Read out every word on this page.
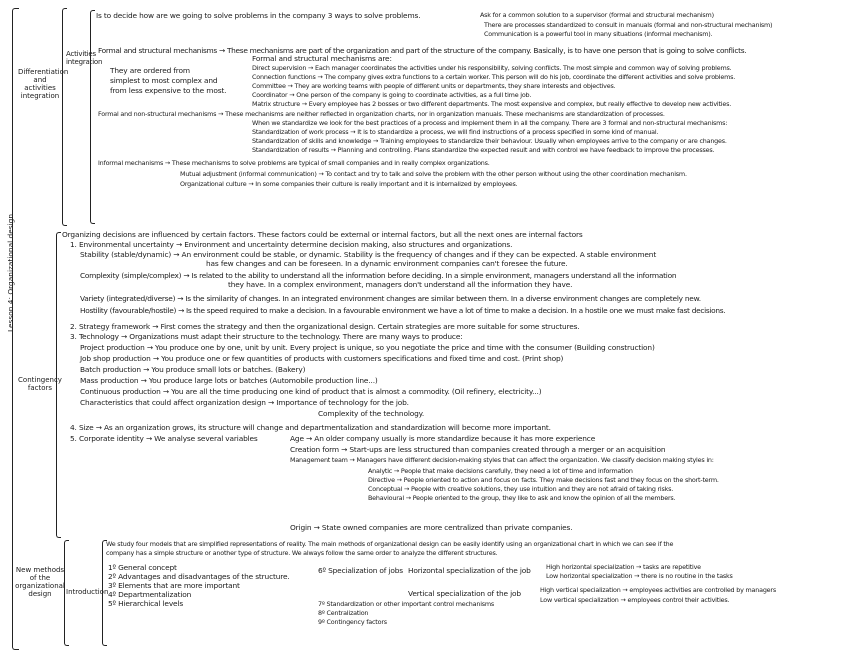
Lesson 4: Organizational design
Differentiation and activities integration
Activities integration
Contingency factors
New methods of the organizational design	Introduction
Is to decide how are we going to solve problems in the company 3 ways to solve problems.	Ask for a common solution to a supervisor (formal and structural mechanism)
There are processes standardized to consult in manuals (formal and non-structural mechanism)
Communication is a powerful tool in many situations (informal mechanism).
Formal and structural mechanisms → These mechanisms are part of the organization and part of the structure of the company. Basically, is to have one person that is going to solve conflicts.
Formal and structural mechanisms are:
They are ordered from	Direct supervision → Each manager coordinates the activities under his responsibility, solving conflicts. The most simple and common way of solving problems.
simplest to most complex and	Connection functions → The company gives extra functions to a certain worker. This person will do his job, coordinate the different activities and solve problems.
from less expensive to the most.	Committee → They are working teams with people of different units or departments, they share interests and objectives.
Coordinator → One person of the company is going to coordinate activities, as a full time job.
Matrix structure → Every employee has 2 bosses or two different departments. The most expensive and complex, but really effective to develop new activities.
Formal and non-structural mechanisms → These mechanisms are neither reflected in organization charts, nor in organization manuals. These mechanisms are standardization of processes.
When we standardize we look for the best practices of a process and implement them in all the company. There are 3 formal and non-structural mechanisms:
Standardization of work process → It is to standardize a process, we will find instructions of a process specified in some kind of manual.
Standardization of skills and knowledge → Training employees to standardize their behaviour. Usually when employees arrive to the company or are changes.
Standardization of results → Planning and controlling. Plans standardize the expected result and with control we have feedback to improve the processes.
Informal mechanisms → These mechanisms to solve problems are typical of small companies and in really complex organizations.
Mutual adjustment (informal communication) → To contact and try to talk and solve the problem with the other person without using the other coordination mechanism.
Organizational culture → In some companies their culture is really important and it is internalized by employees.
Organizing decisions are influenced by certain factors. These factors could be external or internal factors, but all the next ones are internal factors
1. Environmental uncertainty → Environment and uncertainty determine decision making, also structures and organizations.
Stability (stable/dynamic) → An environment could be stable, or dynamic. Stability is the frequency of changes and if they can be expected. A stable environment
has few changes and can be foreseen. In a dynamic environment companies can't foresee the future.
Complexity (simple/complex) → Is related to the ability to understand all the information before deciding. In a simple environment, managers understand all the information
they have. In a complex environment, managers don't understand all the information they have.
Variety (integrated/diverse) → Is the similarity of changes. In an integrated environment changes are similar between them. In a diverse environment changes are completely new.
Hostility (favourable/hostile) → Is the speed required to make a decision. In a favourable environment we have a lot of time to make a decision. In a hostile one we must make fast decisions.
2. Strategy framework → First comes the strategy and then the organizational design. Certain strategies are more suitable for some structures.
3. Technology → Organizations must adapt their structure to the technology. There are many ways to produce:
Project production → You produce one by one, unit by unit. Every project is unique, so you negotiate the price and time with the consumer (Building construction)
Job shop production → You produce one or few quantities of products with customers specifications and fixed time and cost. (Print shop)
Batch production → You produce small lots or batches. (Bakery)
Mass production → You produce large lots or batches (Automobile production line...)
Continuous production → You are all the time producing one kind of product that is almost a commodity. (Oil refinery, electricity...)
Characteristics that could affect organization design → Importance of technology for the job.
Complexity of the technology.
4. Size → As an organization grows, its structure will change and departmentalization and standardization will become more important.
5. Corporate identity → We analyse several variables	Age → An older company usually is more standardize because it has more experience
Creation form → Start-ups are less structured than companies created through a merger or an acquisition
Management team → Managers have different decision-making styles that can affect the organization. We classify decision making styles in:
Analytic → People that make decisions carefully, they need a lot of time and information
Directive → People oriented to action and focus on facts. They make decisions fast and they focus on the short-term.
Conceptual → People with creative solutions, they use intuition and they are not afraid of taking risks.
Behavioural → People oriented to the group, they like to ask and know the opinion of all the members.
Origin → State owned companies are more centralized than private companies.
We study four models that are simplified representations of reality. The main methods of organizational design can be easily identify using an organizational chart in which we can see if the
company has a simple structure or another type of structure. We always follow the same order to analyze the different structures.
1º General concept
2º Advantages and disadvantages of the structure.
3º Elements that are more important
4º Departmentalization
5º Hierarchical levels
6º Specialization of jobs Horizontal specialization of the job High horizontal specialization → tasks are repetitive
Low horizontal specialization → there is no routine in the tasks
Vertical specialization of the job	High vertical specialization → employees activities are controlled by managers
Low vertical specialization → employees control their activities.
7º Standardization or other important control mechanisms
8º Centralization
9º Contingency factors
